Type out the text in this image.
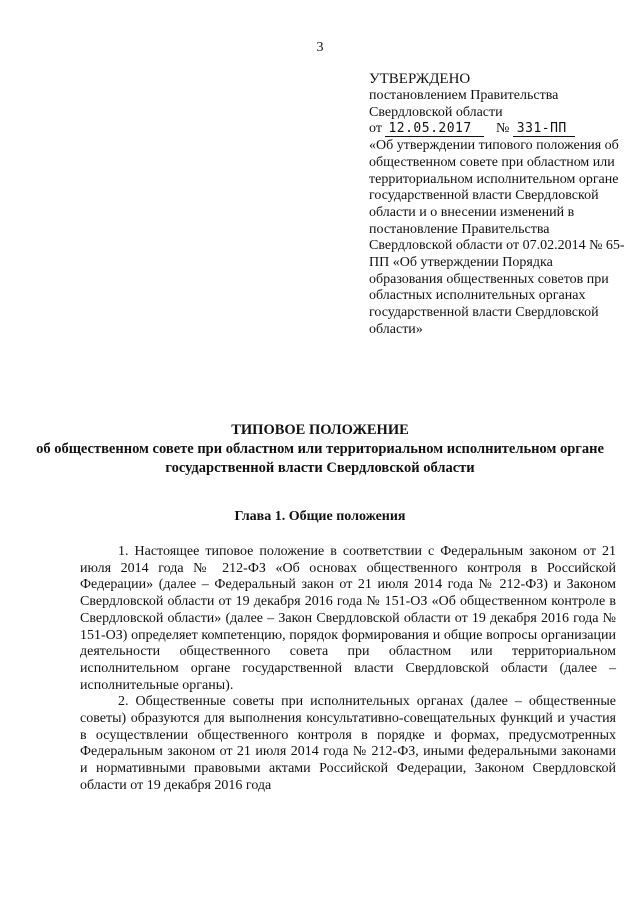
3
УТВЕРЖДЕНО
постановлением Правительства
Свердловской области
от 12.05.2017 № 331-ПП
«Об утверждении типового положения об общественном совете при областном или территориальном исполнительном органе государственной власти Свердловской области и о внесении изменений в постановление Правительства Свердловской области от 07.02.2014 № 65-ПП «Об утверждении Порядка образования общественных советов при областных исполнительных органах государственной власти Свердловской области»
ТИПОВОЕ ПОЛОЖЕНИЕ
об общественном совете при областном или территориальном исполнительном органе государственной власти Свердловской области
Глава 1. Общие положения

1. Настоящее типовое положение в соответствии с Федеральным законом от 21 июля 2014 года № 212-ФЗ «Об основах общественного контроля в Российской Федерации» (далее – Федеральный закон от 21 июля 2014 года № 212-ФЗ) и Законом Свердловской области от 19 декабря 2016 года № 151-ОЗ «Об общественном контроле в Свердловской области» (далее – Закон Свердловской области от 19 декабря 2016 года № 151-ОЗ) определяет компетенцию, порядок формирования и общие вопросы организации деятельности общественного совета при областном или территориальном исполнительном органе государственной власти Свердловской области (далее – исполнительные органы).

2. Общественные советы при исполнительных органах (далее – общественные советы) образуются для выполнения консультативно-совещательных функций и участия в осуществлении общественного контроля в порядке и формах, предусмотренных Федеральным законом от 21 июля 2014 года № 212-ФЗ, иными федеральными законами и нормативными правовыми актами Российской Федерации, Законом Свердловской области от 19 декабря 2016 года
